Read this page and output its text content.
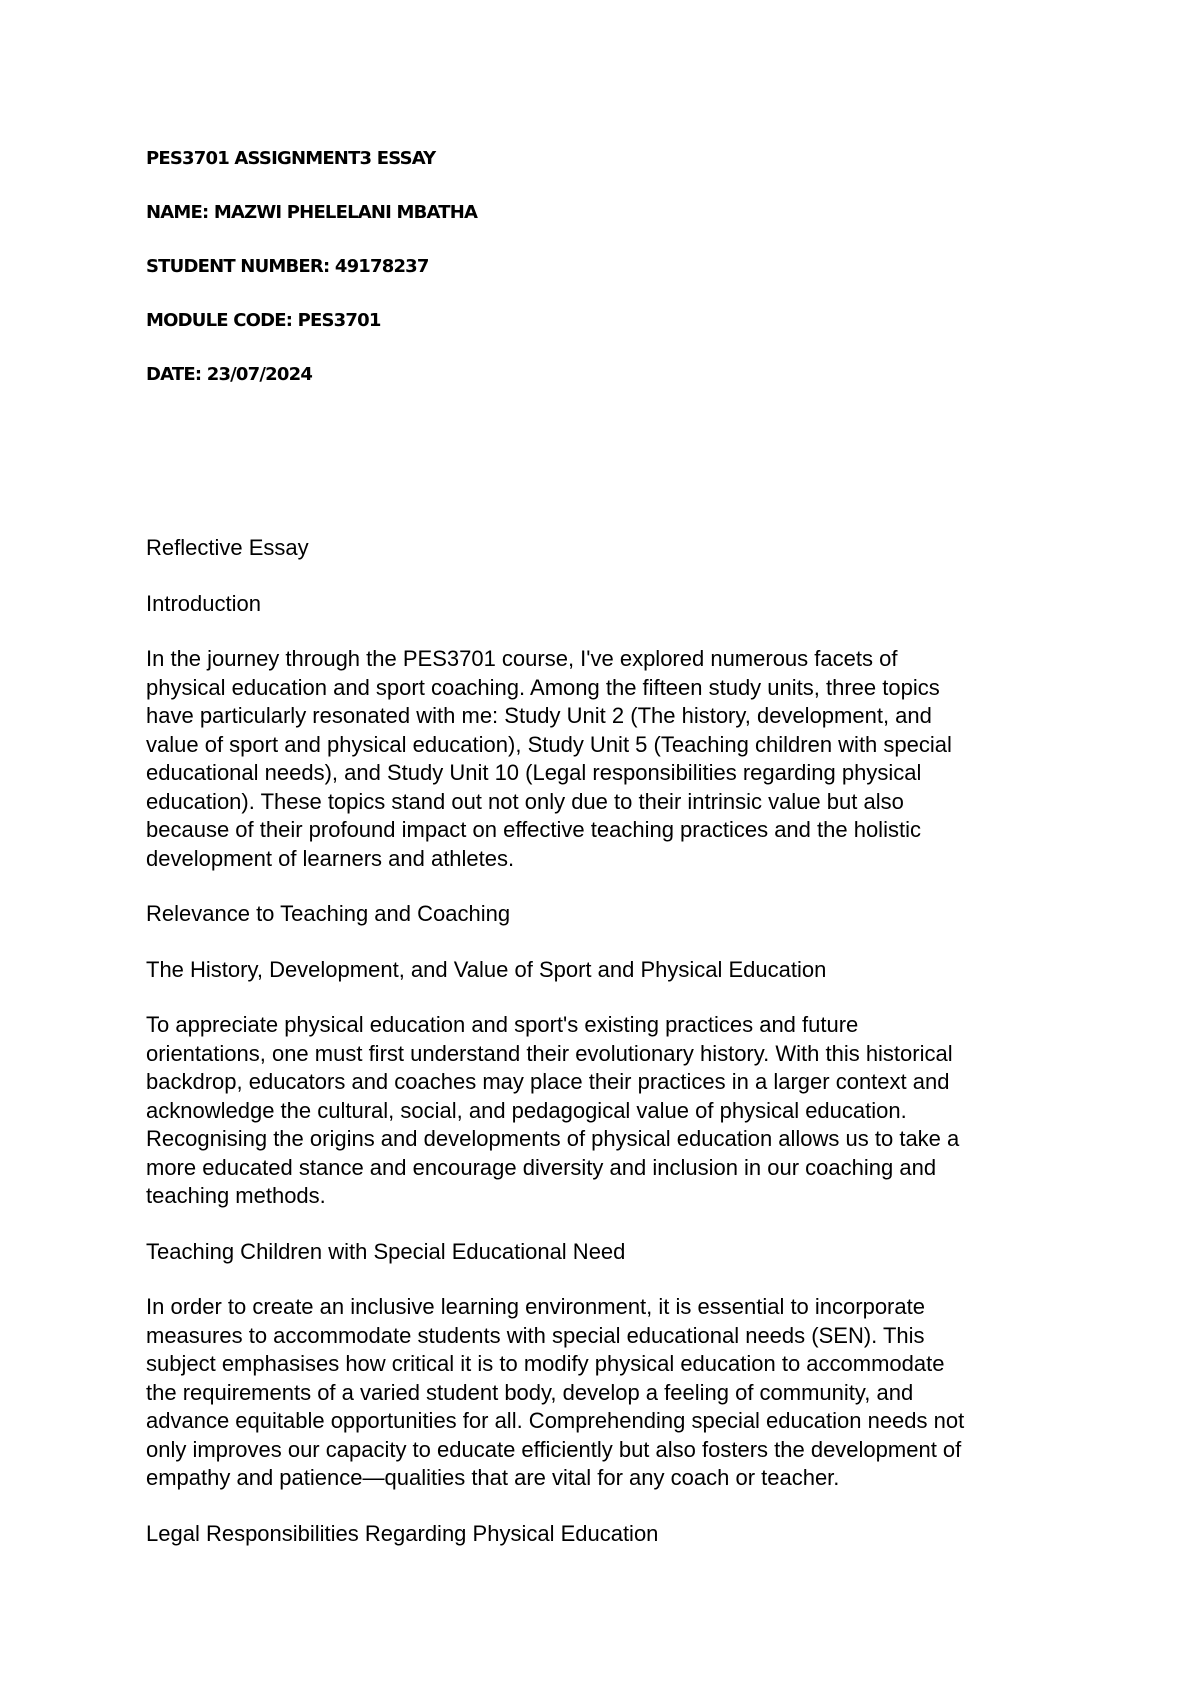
PES3701 ASSIGNMENT3 ESSAY
NAME: MAZWI PHELELANI MBATHA
STUDENT NUMBER: 49178237
MODULE CODE: PES3701
DATE: 23/07/2024
Reflective Essay
Introduction
In the journey through the PES3701 course, I've explored numerous facets of
physical education and sport coaching. Among the fifteen study units, three topics
have particularly resonated with me: Study Unit 2 (The history, development, and
value of sport and physical education), Study Unit 5 (Teaching children with special
educational needs), and Study Unit 10 (Legal responsibilities regarding physical
education). These topics stand out not only due to their intrinsic value but also
because of their profound impact on effective teaching practices and the holistic
development of learners and athletes.
Relevance to Teaching and Coaching
The History, Development, and Value of Sport and Physical Education
To appreciate physical education and sport's existing practices and future
orientations, one must first understand their evolutionary history. With this historical
backdrop, educators and coaches may place their practices in a larger context and
acknowledge the cultural, social, and pedagogical value of physical education.
Recognising the origins and developments of physical education allows us to take a
more educated stance and encourage diversity and inclusion in our coaching and
teaching methods.
Teaching Children with Special Educational Need
In order to create an inclusive learning environment, it is essential to incorporate
measures to accommodate students with special educational needs (SEN). This
subject emphasises how critical it is to modify physical education to accommodate
the requirements of a varied student body, develop a feeling of community, and
advance equitable opportunities for all. Comprehending special education needs not
only improves our capacity to educate efficiently but also fosters the development of
empathy and patience—qualities that are vital for any coach or teacher.
Legal Responsibilities Regarding Physical Education
